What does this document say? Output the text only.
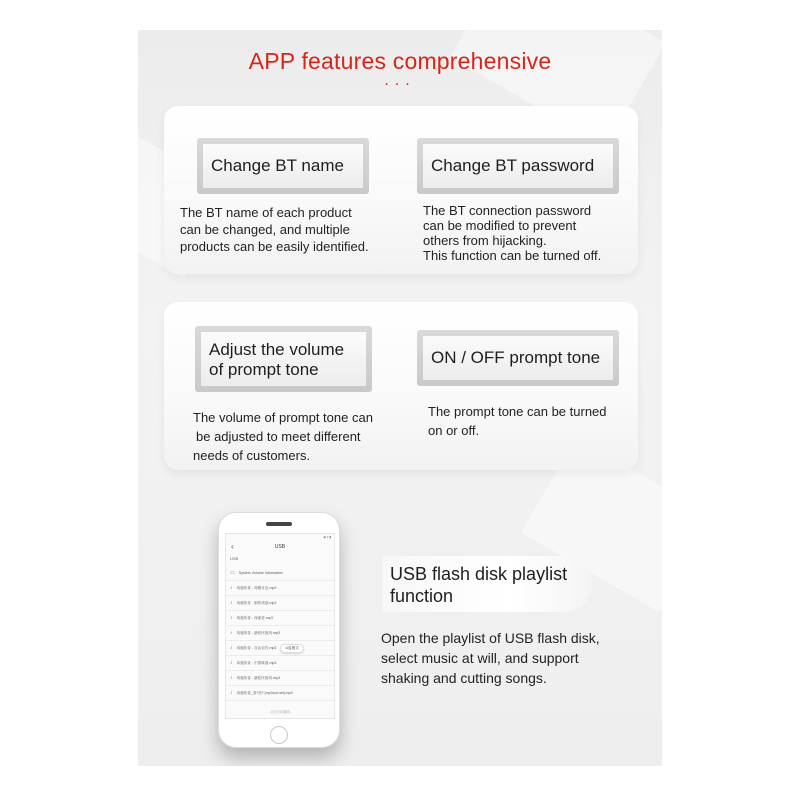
APP features comprehensive
...
Change BT name	Change BT password
The BT name of each product
can be changed, and multiple
products can be easily identified.
The BT connection password
can be modified to prevent
others from hijacking.
This function can be turned off.
Adjust the volume
of prompt tone
ON / OFF prompt tone
The volume of prompt tone can
be adjusted to meet different
needs of customers.
The prompt tone can be turned
on or off.
◉ ▾ ▮
‹	USB
USB
▭ System Volume Information
♪ 凤凰传奇 - 荷塘月色.mp3
♪ 凤凰传奇 - 狼的诱惑.mp3
♪ 凤凰传奇 - 深深爱.mp3
♪ 凤凰传奇 - 最炫民族风.mp3
♪ 凤凰传奇 - 自由自在.mp3	U盘模式
♪ 凤凰传奇 - 中国味道.mp3
♪ 凤凰传奇 - 最炫民族风.mp3
♪ 凤凰传奇_套马杆 [mp3out.net].mp3
点击关闭播放
USB flash disk playlist
function
Open the playlist of USB flash disk,
select music at will, and support
shaking and cutting songs.
